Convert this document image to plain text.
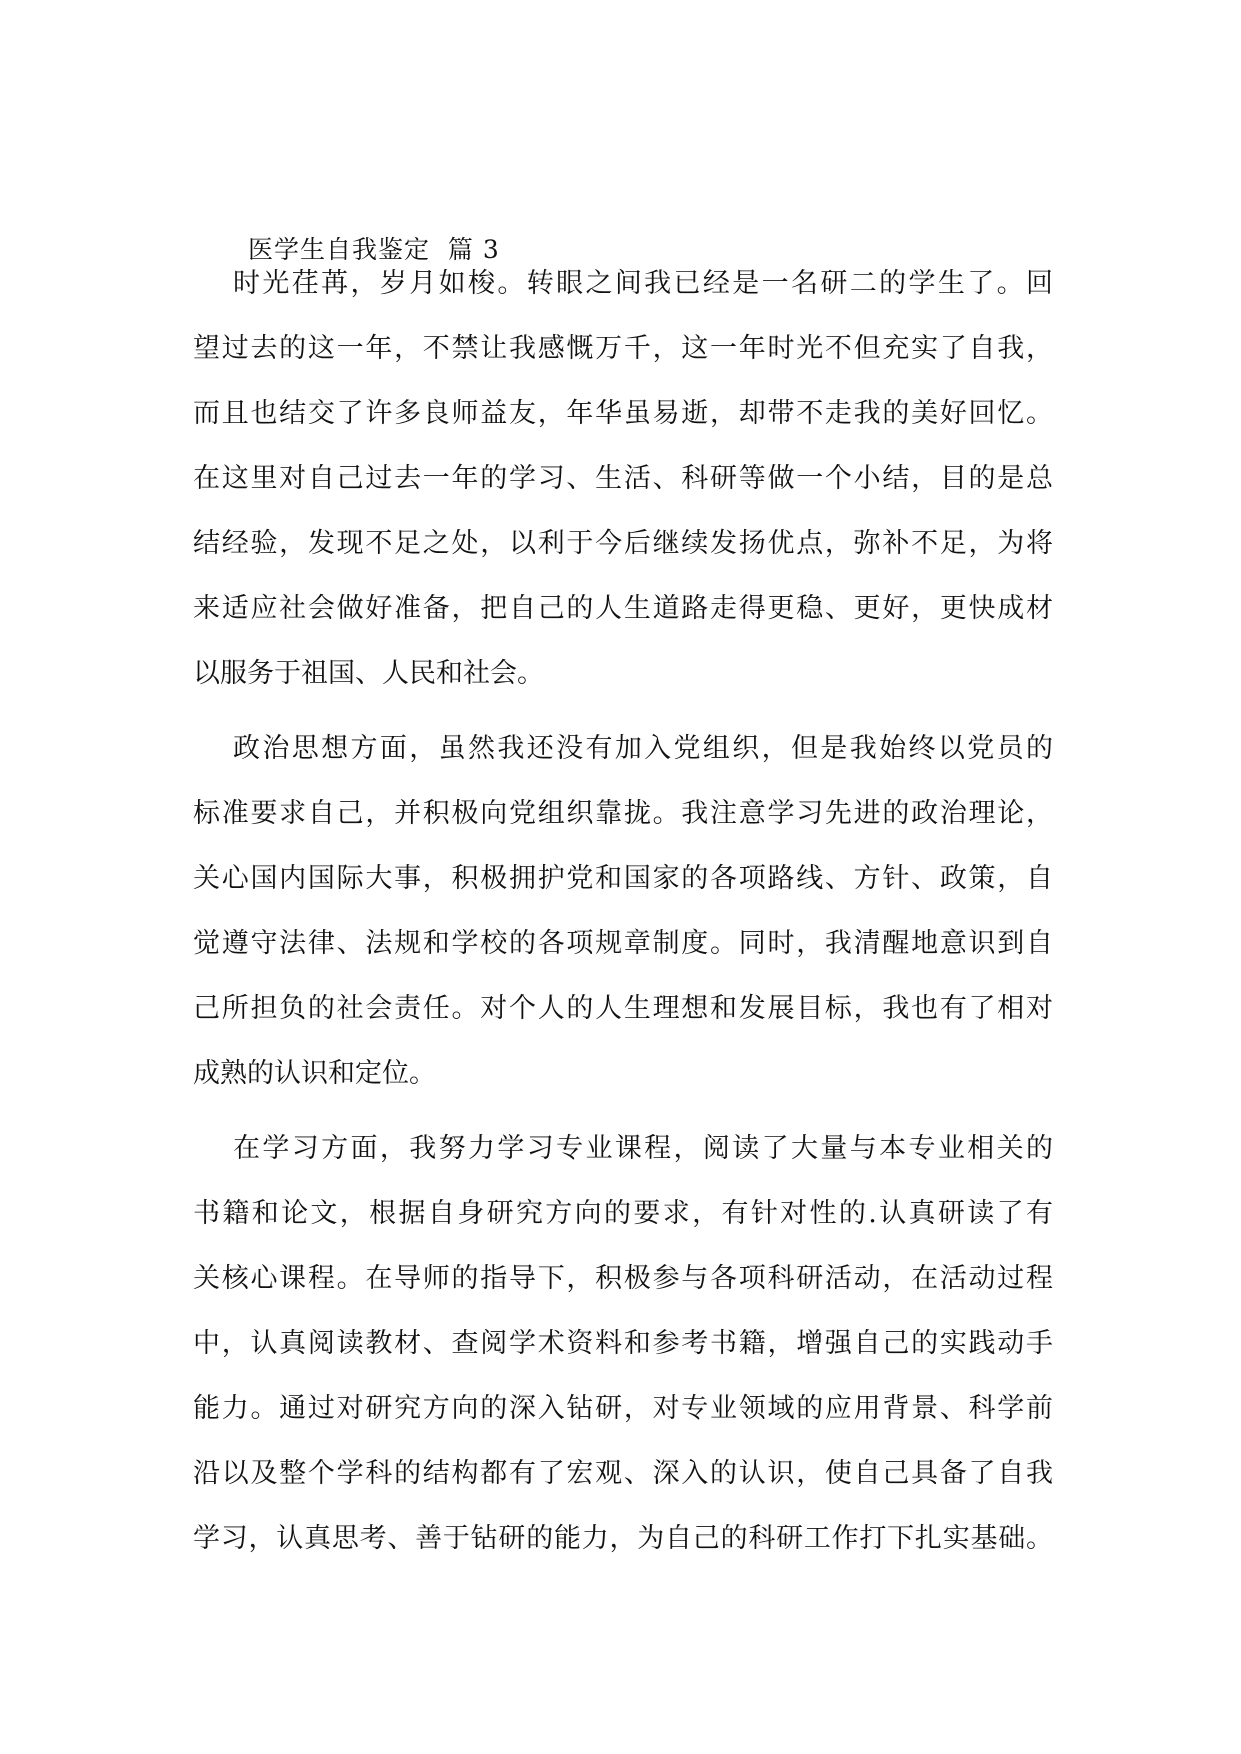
医学生自我鉴定  篇 3
时光荏苒，岁月如梭。转眼之间我已经是一名研二的学生了。回
望过去的这一年，不禁让我感慨万千，这一年时光不但充实了自我，
而且也结交了许多良师益友，年华虽易逝，却带不走我的美好回忆。
在这里对自己过去一年的学习、生活、科研等做一个小结，目的是总
结经验，发现不足之处，以利于今后继续发扬优点，弥补不足，为将
来适应社会做好准备，把自己的人生道路走得更稳、更好，更快成材
以服务于祖国、人民和社会。
政治思想方面，虽然我还没有加入党组织，但是我始终以党员的
标准要求自己，并积极向党组织靠拢。我注意学习先进的政治理论，
关心国内国际大事，积极拥护党和国家的各项路线、方针、政策，自
觉遵守法律、法规和学校的各项规章制度。同时，我清醒地意识到自
己所担负的社会责任。对个人的人生理想和发展目标，我也有了相对
成熟的认识和定位。
在学习方面，我努力学习专业课程，阅读了大量与本专业相关的
书籍和论文，根据自身研究方向的要求，有针对性的.认真研读了有
关核心课程。在导师的指导下，积极参与各项科研活动，在活动过程
中，认真阅读教材、查阅学术资料和参考书籍，增强自己的实践动手
能力。通过对研究方向的深入钻研，对专业领域的应用背景、科学前
沿以及整个学科的结构都有了宏观、深入的认识，使自己具备了自我
学习，认真思考、善于钻研的能力，为自己的科研工作打下扎实基础。
